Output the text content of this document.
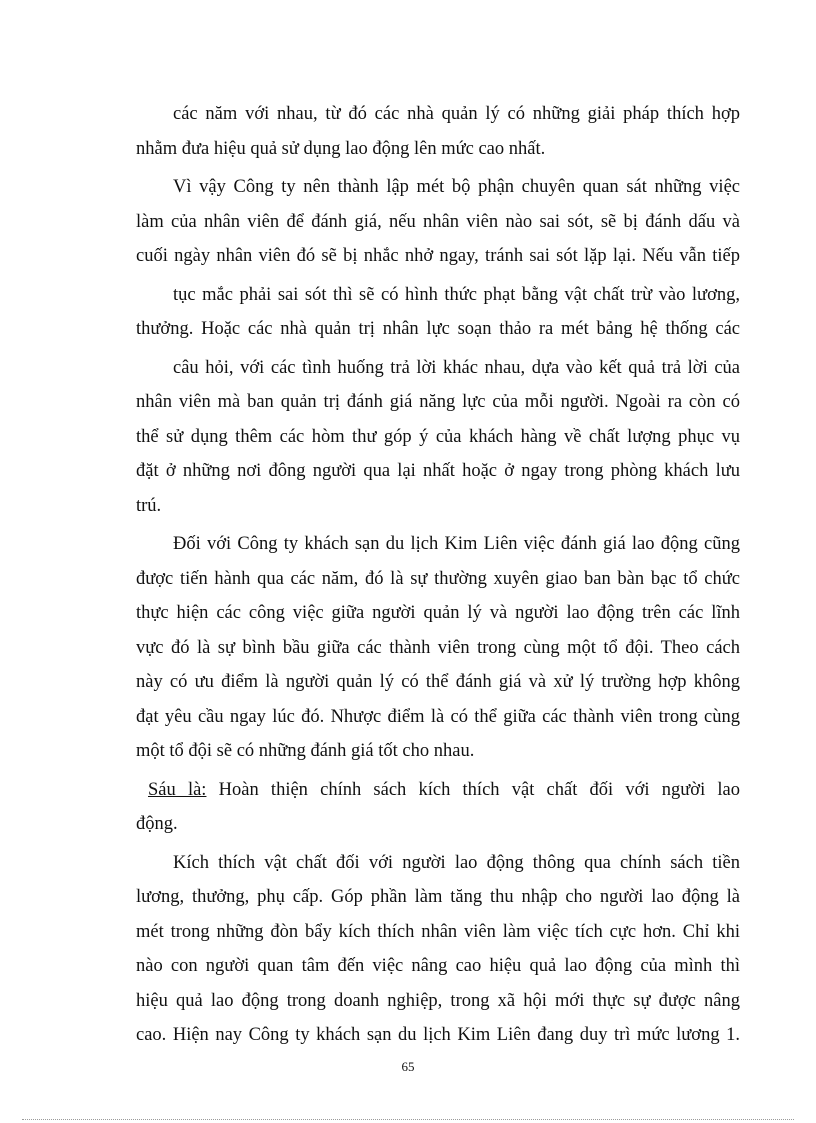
các năm với nhau, từ đó các nhà quản lý có những giải pháp thích hợp
nhằm đưa hiệu quả sử dụng lao động lên mức cao nhất.
Vì vậy Công ty nên thành lập mét bộ phận chuyên quan sát những việc
làm của nhân viên để đánh giá, nếu nhân viên nào sai sót, sẽ bị đánh dấu và
cuối ngày nhân viên đó sẽ bị nhắc nhở ngay, tránh sai sót lặp lại. Nếu vẫn tiếp
tục mắc phải sai sót thì sẽ có hình thức phạt bằng vật chất trừ vào lương,
thưởng. Hoặc các nhà quản trị nhân lực soạn thảo ra mét bảng hệ thống các
câu hỏi, với các tình huống trả lời khác nhau, dựa vào kết quả trả lời của
nhân viên mà ban quản trị đánh giá năng lực của mỗi người. Ngoài ra còn có
thể sử dụng thêm các hòm thư góp ý của khách hàng về chất lượng phục vụ
đặt ở những nơi đông người qua lại nhất hoặc ở ngay trong phòng khách lưu
trú.
Đối với Công ty khách sạn du lịch Kim Liên việc đánh giá lao động cũng
được tiến hành qua các năm, đó là sự thường xuyên giao ban bàn bạc tổ chức
thực hiện các công việc giữa người quản lý và người lao động trên các lĩnh
vực đó là sự bình bầu giữa các thành viên trong cùng một tổ đội. Theo cách
này có ưu điểm là người quản lý có thể đánh giá và xử lý trường hợp không
đạt yêu cầu ngay lúc đó. Nhược điểm là có thể giữa các thành viên trong cùng
một tổ đội sẽ có những đánh giá tốt cho nhau.
Sáu là: Hoàn thiện chính sách kích thích vật chất đối với người lao
động.
Kích thích vật chất đối với người lao động thông qua chính sách tiền
lương, thưởng, phụ cấp. Góp phần làm tăng thu nhập cho người lao động là
mét trong những đòn bẩy kích thích nhân viên làm việc tích cực hơn. Chỉ khi
nào con người quan tâm đến việc nâng cao hiệu quả lao động của mình thì
hiệu quả lao động trong doanh nghiệp, trong xã hội mới thực sự được nâng
cao. Hiện nay Công ty khách sạn du lịch Kim Liên đang duy trì mức lương 1.
65
